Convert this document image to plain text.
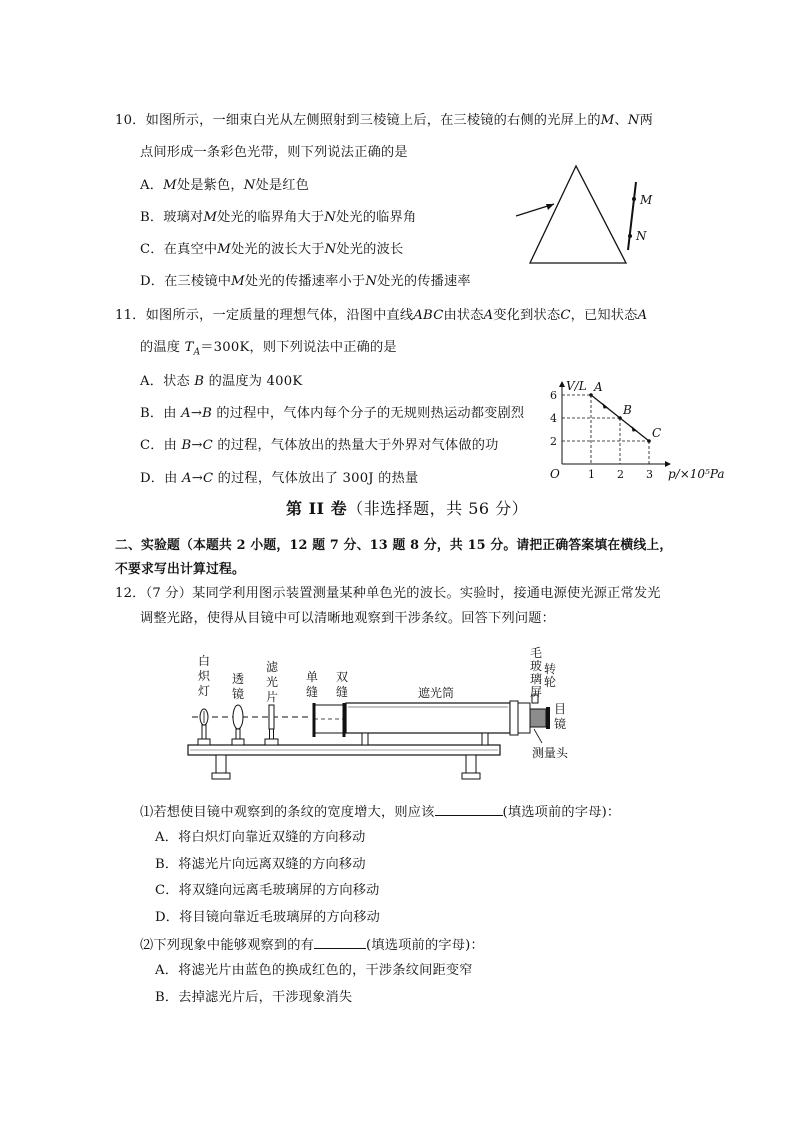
10．如图所示，一细束白光从左侧照射到三棱镜上后，在三棱镜的右侧的光屏上的M、N两
点间形成一条彩色光带，则下列说法正确的是
A．M处是紫色，N处是红色
B．玻璃对M处光的临界角大于N处光的临界角
C．在真空中M处光的波长大于N处光的波长
D．在三棱镜中M处光的传播速率小于N处光的传播速率
M
N
11．如图所示，一定质量的理想气体，沿图中直线ABC由状态A变化到状态C，已知状态A
的温度 $T_A=300K$，则下列说法中正确的是
A．状态 B 的温度为 400K
B．由 A→B 的过程中，气体内每个分子的无规则热运动都变剧烈
C．由 B→C 的过程，气体放出的热量大于外界对气体做的功
D．由 A→C 的过程，气体放出了 300J 的热量
V/L
p/×10⁵Pa
O
A
B
C
1 2 3
2
4
6
第 II 卷（非选择题，共 56 分）
二、实验题（本题共 2 小题，12 题 7 分、13 题 8 分，共 15 分。请把正确答案填在横线上，
不要求写出计算过程。
12．（7 分）某同学利用图示装置测量某种单色光的波长。实验时，接通电源使光源正常发光
调整光路，使得从目镜中可以清晰地观察到干涉条纹。回答下列问题：
白
炽
灯
透
镜
滤
光
片
单
缝
双
缝	遮光筒
毛
玻
璃
屏
转
轮
目
镜
测量头
⑴若想使目镜中观察到的条纹的宽度增大，则应该	(填选项前的字母)：
A．将白炽灯向靠近双缝的方向移动
B．将滤光片向远离双缝的方向移动
C．将双缝向远离毛玻璃屏的方向移动
D．将目镜向靠近毛玻璃屏的方向移动
⑵下列现象中能够观察到的有	(填选项前的字母)：
A．将滤光片由蓝色的换成红色的，干涉条纹间距变窄
B．去掉滤光片后，干涉现象消失
